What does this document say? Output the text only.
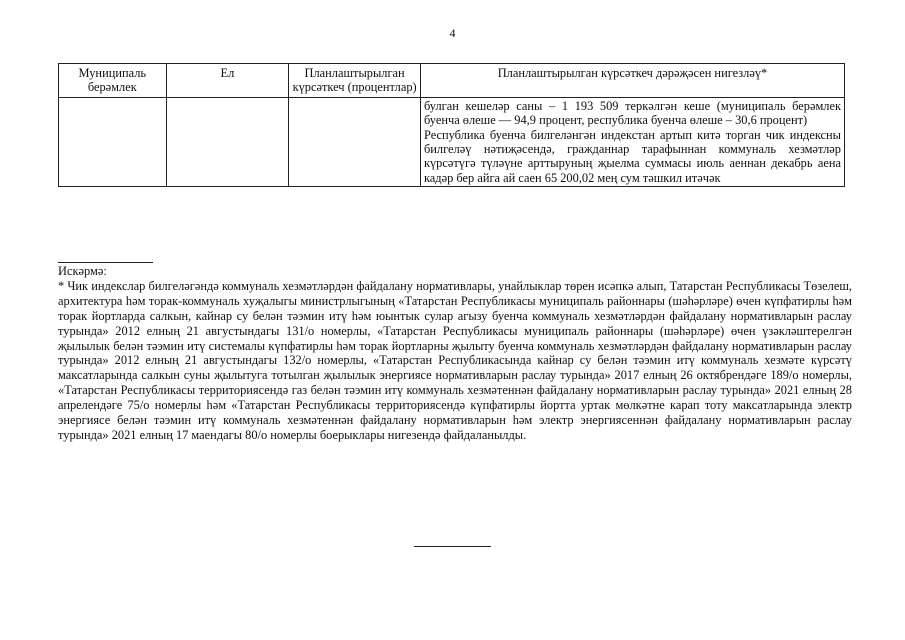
4
Муниципаль берәмлек	Ел	Планлаштырылган күрсәткеч (процентлар)	Планлаштырылган күрсәткеч дәрәҗәсен нигезләү*

			булган кешеләр саны – 1 193 509 теркәлгән кеше (муниципаль берәмлек буенча өлеше — 94,9 процент, республика буенча өлеше – 30,6 процент)

Республика буенча билгеләнгән индекстан артып китә торган чик индексны билгеләү нәтиҗәсендә, гражданнар тарафыннан коммуналь хезмәтләр күрсәтүгә түләүне арттыруның җыелма суммасы июль аеннан декабрь аена кадәр бер айга ай саен 65 200,02 мең сум тәшкил итәчәк

Искәрмә:

* Чик индекслар билгеләгәндә коммуналь хезмәтләрдән файдалану нормативлары, унайлыклар төрен исәпкә алып, Татарстан Республикасы Төзелеш, архитектура һәм торак-коммуналь хуҗалыгы министрлыгының «Татарстан Республикасы муниципаль районнары (шәһәрләре) өчен күпфатирлы һәм торак йортларда салкын, кайнар су белән тәэмин итү һәм юынтык сулар агызу буенча коммуналь хезмәтләрдән файдалану нормативларын раслау турында» 2012 елның 21 августындагы 131/о номерлы, «Татарстан Республикасы муниципаль районнары (шәһәрләре) өчен үзәкләштерелгән җылылык белән тәэмин итү системалы күпфатирлы һәм торак йортларны җылыту буенча коммуналь хезмәтләрдән файдалану нормативларын раслау турында» 2012 елның 21 августындагы 132/о номерлы, «Татарстан Республикасында кайнар су белән тәэмин итү коммуналь хезмәте күрсәтү максатларында салкын суны җылытуга тотылган җылылык энергиясе нормативларын раслау турында» 2017 елның 26 октябрендәге 189/о номерлы, «Татарстан Республикасы территориясендә газ белән тәэмин итү коммуналь хезмәтеннән файдалану нормативларын раслау турында» 2021 елның 28 апрелендәге 75/о номерлы һәм «Татарстан Республикасы территориясендә күпфатирлы йортта уртак мөлкәтне карап тоту максатларында электр энергиясе белән тәэмин итү коммуналь хезмәтеннән файдалану нормативларын һәм электр энергиясеннән файдалану нормативларын раслау турында» 2021 елның 17 маендагы 80/о номерлы боерыклары нигезендә файдаланылды.
